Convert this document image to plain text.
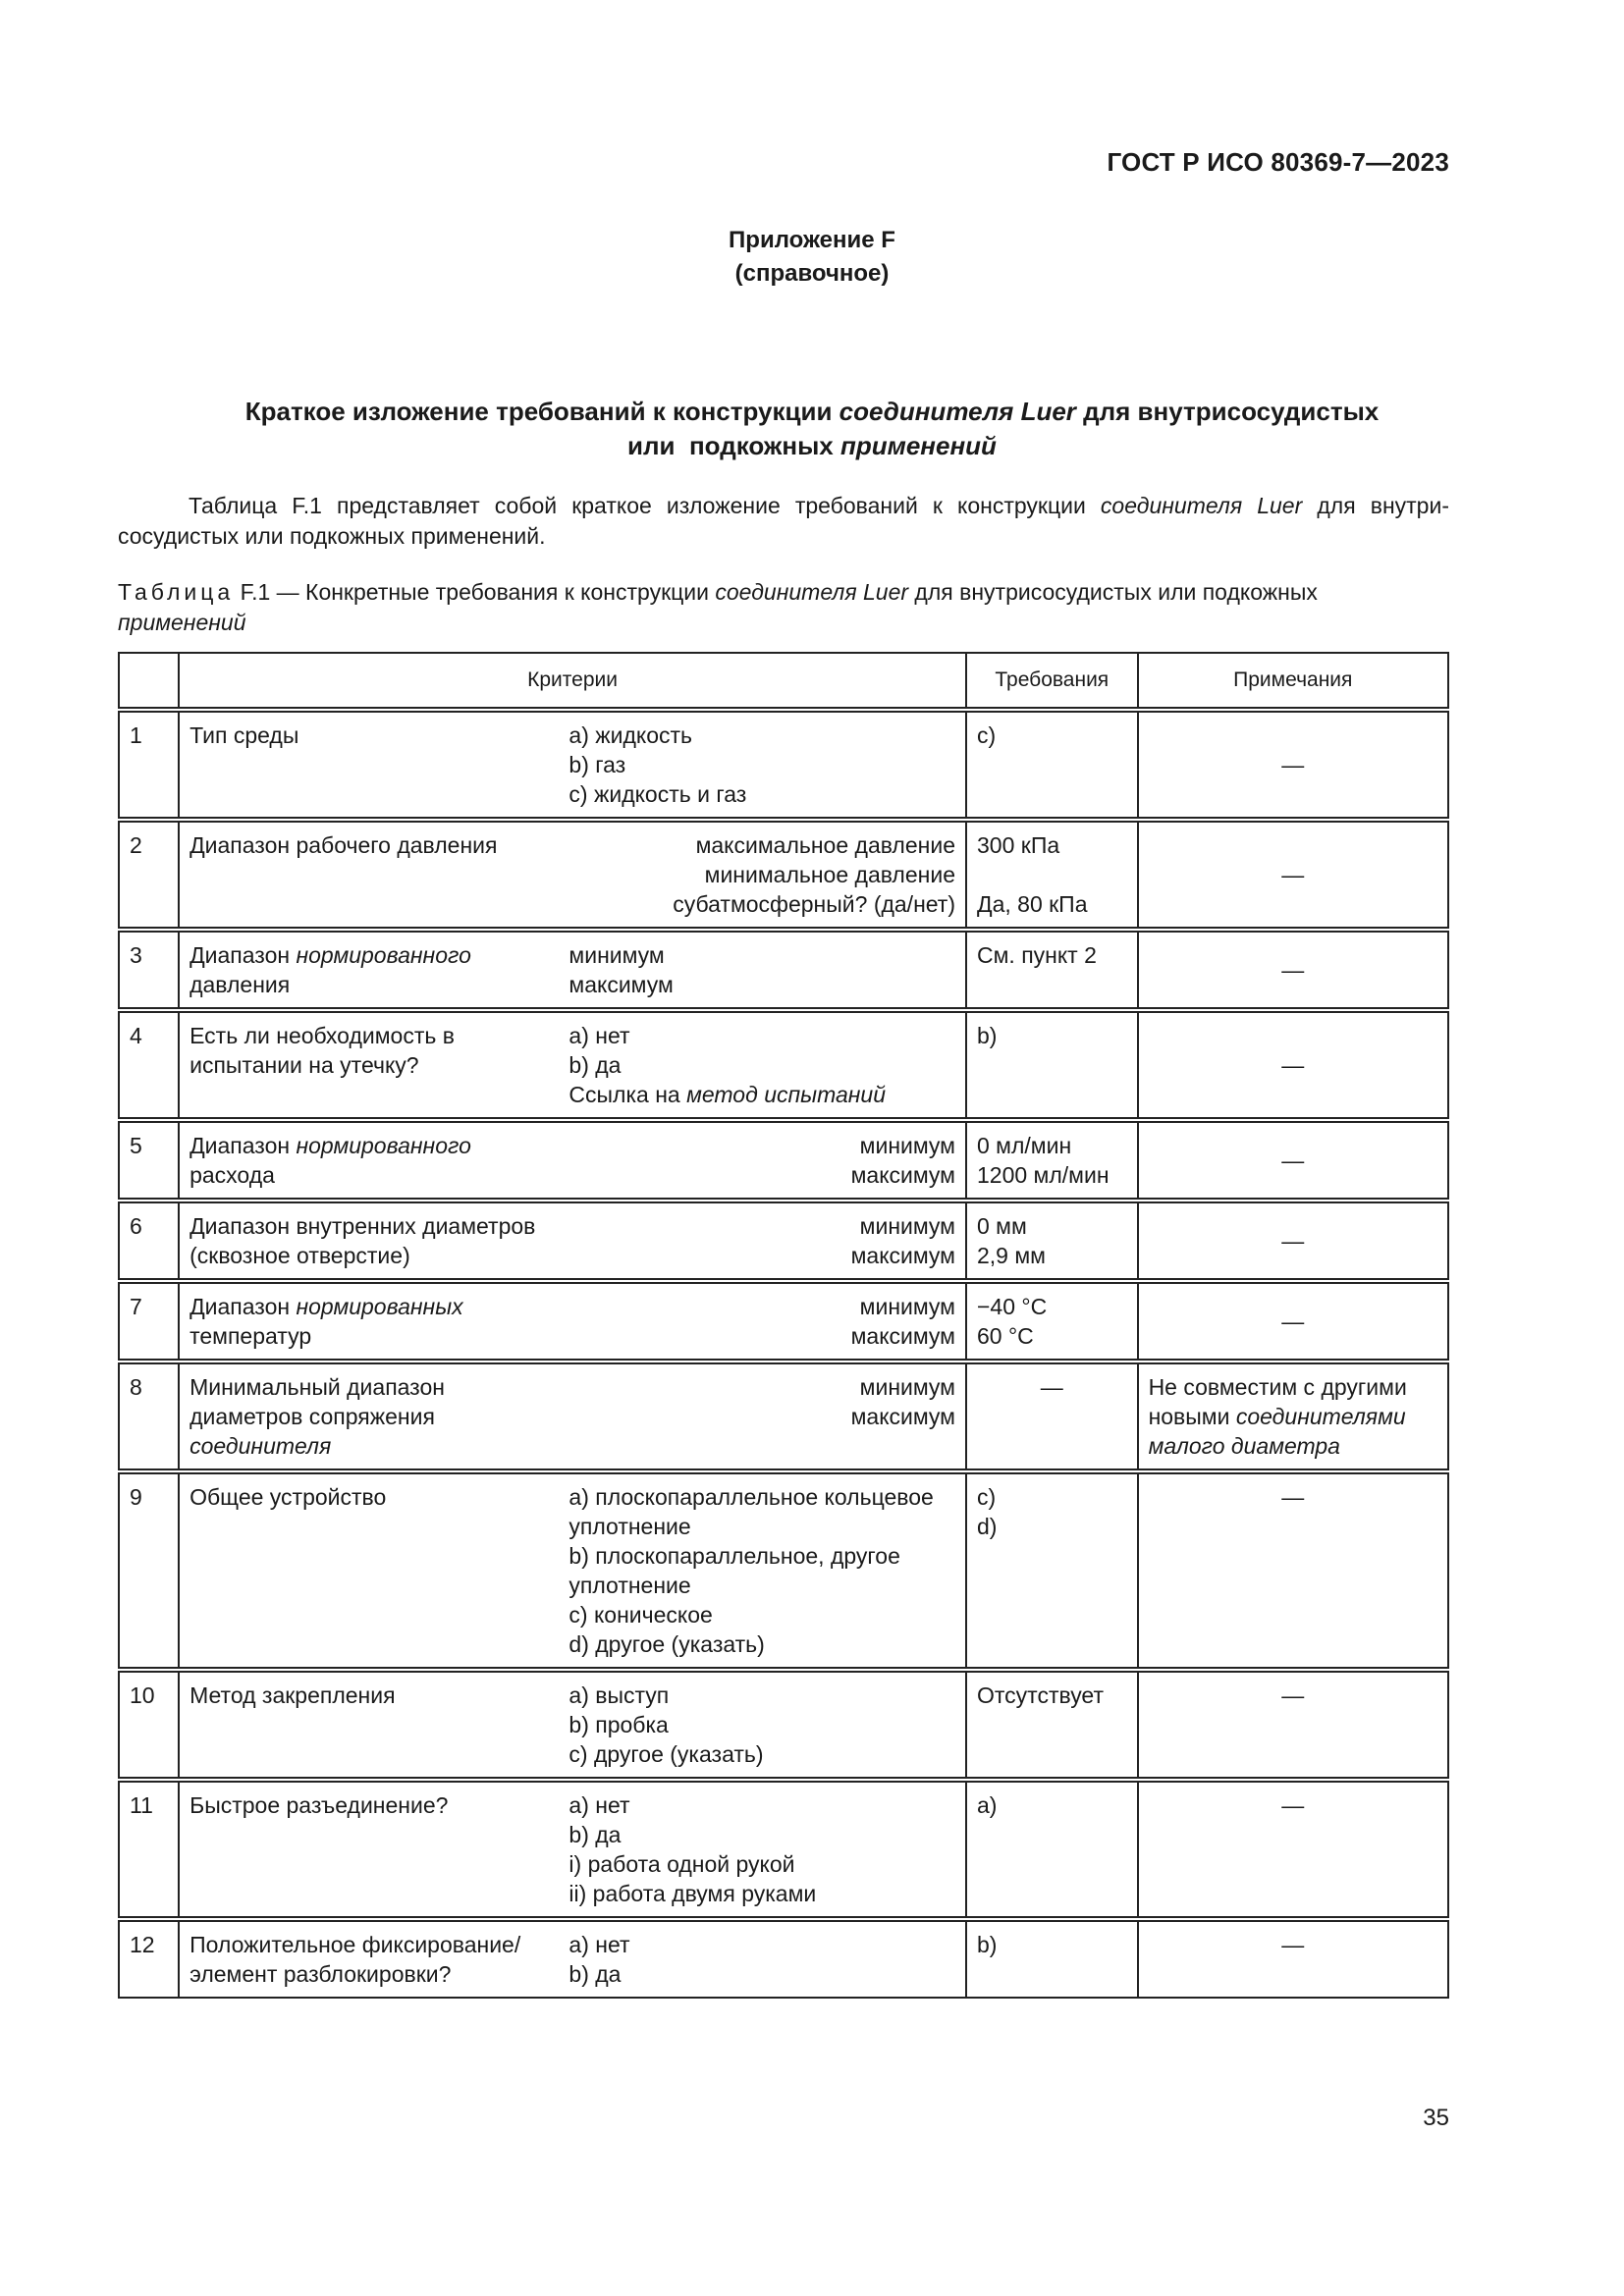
ГОСТ Р ИСО 80369-7—2023
Приложение F
(справочное)
Краткое изложение требований к конструкции соединителя Luer для внутрисосудистых
или  подкожных применений
Таблица F.1 представляет собой краткое изложение требований к конструкции соединителя Luer для внутри-сосудистых или подкожных применений.
Таблица F.1 — Конкретные требования к конструкции соединителя Luer для внутрисосудистых или подкожных применений
	Критерии		Требования	Примечания

1	Тип среды	a) жидкость
b) газ
c) жидкость и газ	c)	—

2	Диапазон рабочего давления	максимальное давление
минимальное давление
субатмосферный? (да/нет)	300 кПа
Да, 80 кПа	—

3	Диапазон нормированного давления	минимум
максимум	См. пункт 2	—

4	Есть ли необходимость в испытании на утечку?	a) нет
b) да
Ссылка на метод испытаний	b)	—

5	Диапазон нормированного расхода	минимум
максимум	0 мл/мин
1200 мл/мин	—

6	Диапазон внутренних диаметров (сквозное отверстие)	минимум
максимум	0 мм
2,9 мм	—

7	Диапазон нормированных температур	минимум
максимум	−40 °C
60 °C	—

8	Минимальный диапазон диаметров сопряжения соединителя	минимум
максимум	—	Не совместим с другими новыми соединителями малого диаметра

9	Общее устройство	a) плоскопараллельное кольцевое уплотнение
b) плоскопараллельное, другое уплотнение
c) коническое
d) другое (указать)	c)
d)	—

10	Метод закрепления	a) выступ
b) пробка
c) другое (указать)	Отсутствует	—

11	Быстрое разъединение?	a) нет
b) да
i) работа одной рукой
ii) работа двумя руками	a)	—

12	Положительное фиксирование/элемент разблокировки?	a) нет
b) да	b)	—
35
